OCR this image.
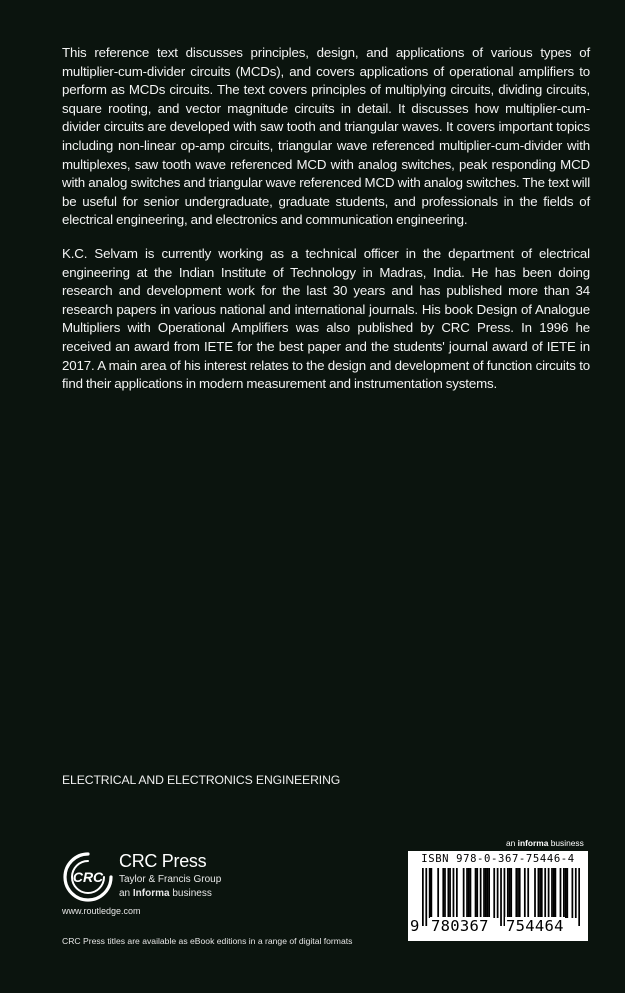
This reference text discusses principles, design, and applications of various types of multiplier-cum-divider circuits (MCDs), and covers applications of operational amplifiers to perform as MCDs circuits. The text covers principles of multiplying circuits, dividing circuits, square rooting, and vector magnitude circuits in detail. It discusses how multiplier-cum-divider circuits are developed with saw tooth and triangular waves. It covers important topics including non-linear op-amp circuits, triangular wave referenced multiplier-cum-divider with multiplexes, saw tooth wave referenced MCD with analog switches, peak responding MCD with analog switches and triangular wave referenced MCD with analog switches. The text will be useful for senior undergraduate, graduate students, and professionals in the fields of electrical engineering, and electronics and communication engineering.

K.C. Selvam is currently working as a technical officer in the department of electrical engineering at the Indian Institute of Technology in Madras, India. He has been doing research and development work for the last 30 years and has published more than 34 research papers in various national and international journals. His book Design of Analogue Multipliers with Operational Amplifiers was also published by CRC Press. In 1996 he received an award from IETE for the best paper and the students' journal award of IETE in 2017. A main area of his interest relates to the design and development of function circuits to find their applications in modern measurement and instrumentation systems.

ELECTRICAL AND ELECTRONICS ENGINEERING
CRC
CRC Press
Taylor & Francis Group
an Informa business
www.routledge.com
CRC Press titles are available as eBook editions in a range of digital formats
an informa business
ISBN 978-0-367-75446-4
9 780367 754464
